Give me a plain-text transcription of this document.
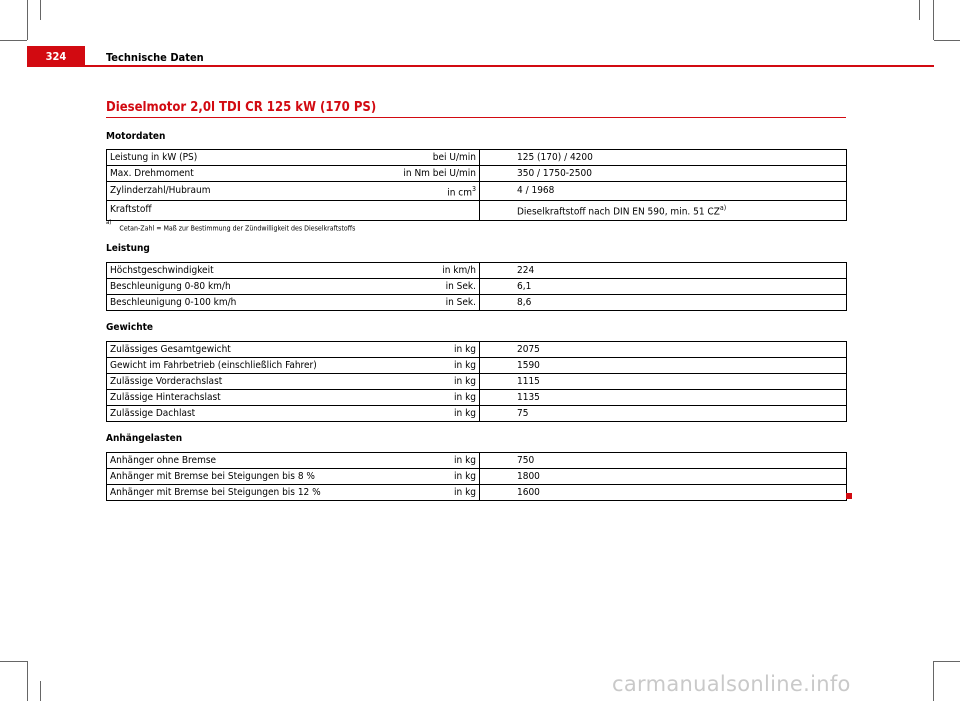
324	Technische Daten
Dieselmotor 2,0l TDI CR 125 kW (170 PS)
Motordaten
Leistung in kW (PS)	bei U/min	125 (170) / 4200
Max. Drehmoment	in Nm bei U/min	350 / 1750-2500
Zylinderzahl/Hubraum	in cm$^3$	4 / 1968
Kraftstoff		Dieselkraftstoff nach DIN EN 590, min. 51 CZ$^{a)}$
$^{a)}$    Cetan-Zahl = Maß zur Bestimmung der Zündwilligkeit des Dieselkraftstoffs
Leistung
Höchstgeschwindigkeit	in km/h	224
Beschleunigung 0-80 km/h	in Sek.	6,1
Beschleunigung 0-100 km/h	in Sek.	8,6
Gewichte
Zulässiges Gesamtgewicht	in kg	2075
Gewicht im Fahrbetrieb (einschließlich Fahrer)	in kg	1590
Zulässige Vorderachslast	in kg	1115
Zulässige Hinterachslast	in kg	1135
Zulässige Dachlast	in kg	75
Anhängelasten
Anhänger ohne Bremse	in kg	750
Anhänger mit Bremse bei Steigungen bis 8 %	in kg	1800
Anhänger mit Bremse bei Steigungen bis 12 %	in kg	1600
carmanualsonline.info
